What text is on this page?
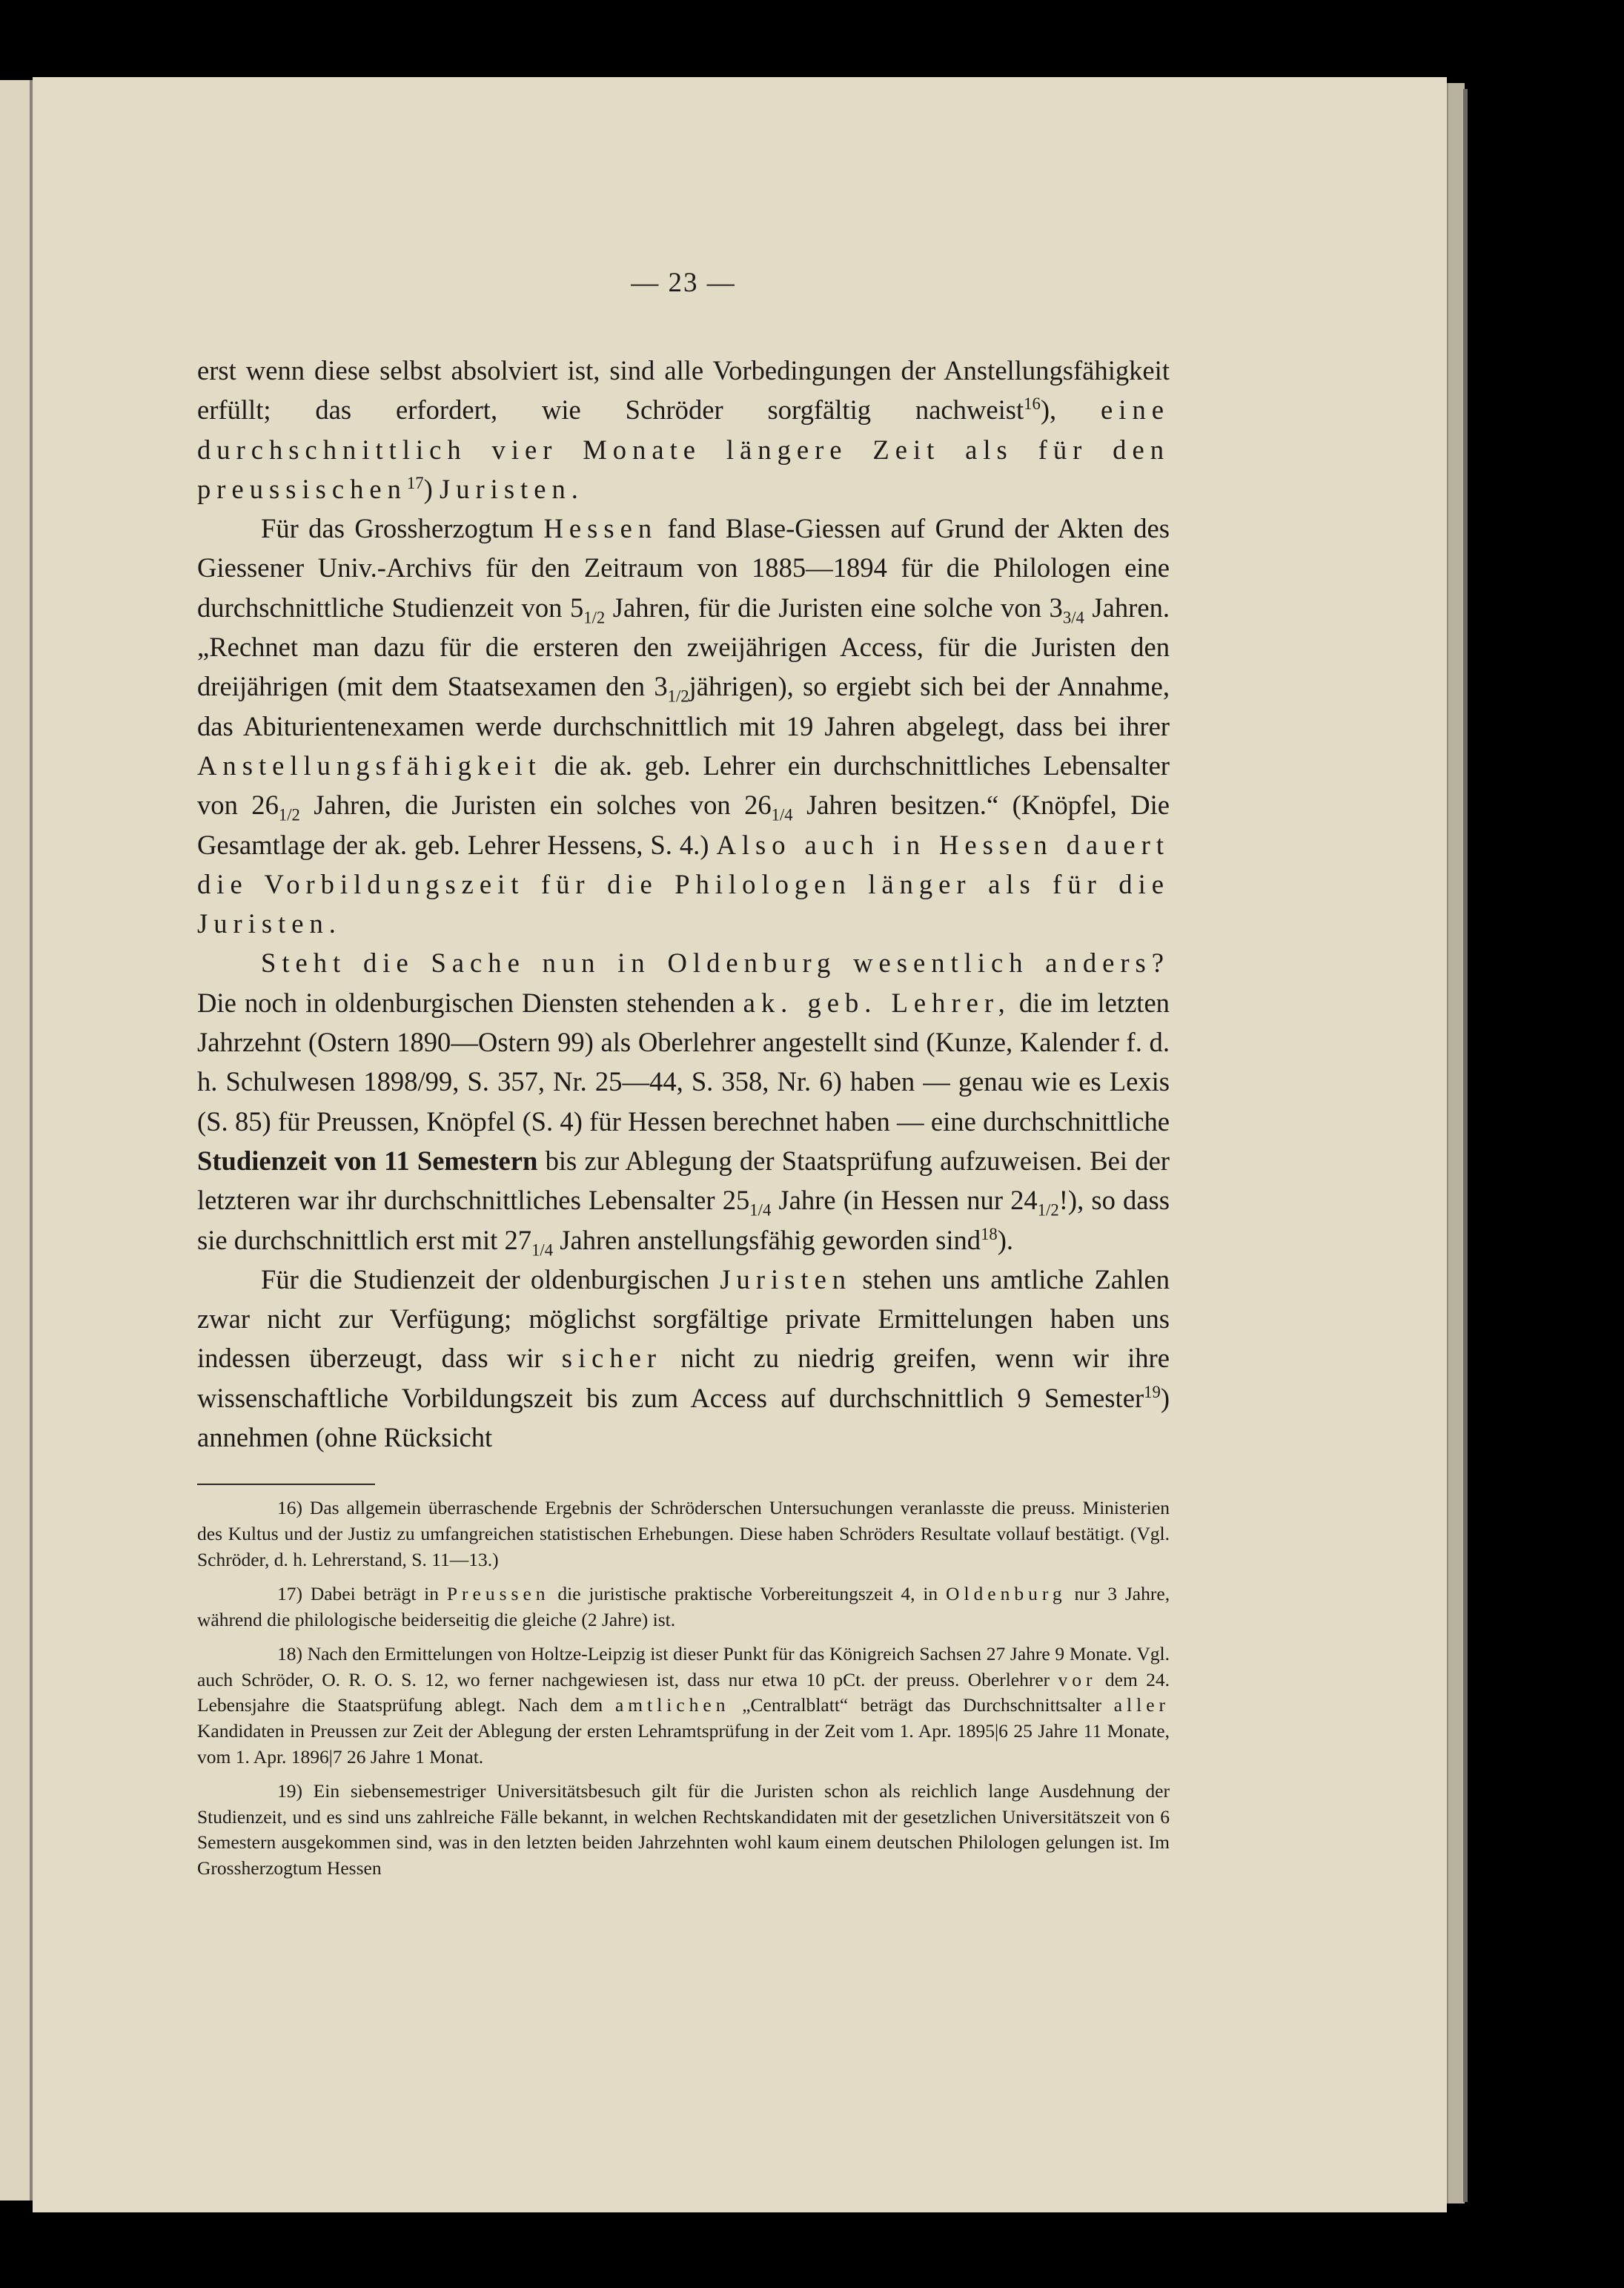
— 23 —

erst wenn diese selbst absolviert ist, sind alle Vorbedingungen der Anstellungsfähigkeit erfüllt; das erfordert, wie Schröder sorgfältig nachweist$^{16}$), eine durchschnittlich vier Monate längere Zeit als für den preussischen$^{17}$) Juristen.

Für das Grossherzogtum Hessen fand Blase-Giessen auf Grund der Akten des Giessener Univ.-Archivs für den Zeitraum von 1885—1894 für die Philologen eine durchschnittliche Studienzeit von $5_{1/2}$ Jahren, für die Juristen eine solche von $3_{3/4}$ Jahren. „Rechnet man dazu für die ersteren den zweijährigen Access, für die Juristen den dreijährigen (mit dem Staatsexamen den $3_{1/2}jährigen$), so ergiebt sich bei der Annahme, das Abiturientenexamen werde durchschnittlich mit 19 Jahren abgelegt, dass bei ihrer Anstellungsfähigkeit die ak. geb. Lehrer ein durchschnittliches Lebensalter von $26_{1/2}$ Jahren, die Juristen ein solches von $26_{1/4}$ Jahren besitzen.“ (Knöpfel, Die Gesamtlage der ak. geb. Lehrer Hessens, S. 4.) Also auch in Hessen dauert die Vorbildungszeit für die Philologen länger als für die Juristen.

Steht die Sache nun in Oldenburg wesentlich anders? Die noch in oldenburgischen Diensten stehenden ak. geb. Lehrer, die im letzten Jahrzehnt (Ostern 1890—Ostern 99) als Oberlehrer angestellt sind (Kunze, Kalender f. d. h. Schulwesen 1898/99, S. 357, Nr. 25—44, S. 358, Nr. 6) haben — genau wie es Lexis (S. 85) für Preussen, Knöpfel (S. 4) für Hessen berechnet haben — eine durchschnittliche Studienzeit von 11 Semestern bis zur Ablegung der Staatsprüfung aufzuweisen. Bei der letzteren war ihr durchschnittliches Lebensalter $25_{1/4}$ Jahre (in Hessen nur $24_{1/2}$!), so dass sie durchschnittlich erst mit $27_{1/4}$ Jahren anstellungsfähig geworden sind$^{18}$).

Für die Studienzeit der oldenburgischen Juristen stehen uns amtliche Zahlen zwar nicht zur Verfügung; möglichst sorgfältige private Ermittelungen haben uns indessen überzeugt, dass wir sicher nicht zu niedrig greifen, wenn wir ihre wissenschaftliche Vorbildungszeit bis zum Access auf durchschnittlich 9 Semester$^{19}$) annehmen (ohne Rücksicht

16) Das allgemein überraschende Ergebnis der Schröderschen Untersuchungen veranlasste die preuss. Ministerien des Kultus und der Justiz zu umfangreichen statistischen Erhebungen. Diese haben Schröders Resultate vollauf bestätigt. (Vgl. Schröder, d. h. Lehrerstand, S. 11—13.)

17) Dabei beträgt in Preussen die juristische praktische Vorbereitungszeit 4, in Oldenburg nur 3 Jahre, während die philologische beiderseitig die gleiche (2 Jahre) ist.

18) Nach den Ermittelungen von Holtze-Leipzig ist dieser Punkt für das Königreich Sachsen 27 Jahre 9 Monate. Vgl. auch Schröder, O. R. O. S. 12, wo ferner nachgewiesen ist, dass nur etwa 10 pCt. der preuss. Oberlehrer vor dem 24. Lebensjahre die Staatsprüfung ablegt. Nach dem amtlichen „Centralblatt“ beträgt das Durchschnittsalter aller Kandidaten in Preussen zur Zeit der Ablegung der ersten Lehramtsprüfung in der Zeit vom 1. Apr. 1895|6 25 Jahre 11 Monate, vom 1. Apr. 1896|7 26 Jahre 1 Monat.

19) Ein siebensemestriger Universitätsbesuch gilt für die Juristen schon als reichlich lange Ausdehnung der Studienzeit, und es sind uns zahlreiche Fälle bekannt, in welchen Rechtskandidaten mit der gesetzlichen Universitätszeit von 6 Semestern ausgekommen sind, was in den letzten beiden Jahrzehnten wohl kaum einem deutschen Philologen gelungen ist. Im Grossherzogtum Hessen
